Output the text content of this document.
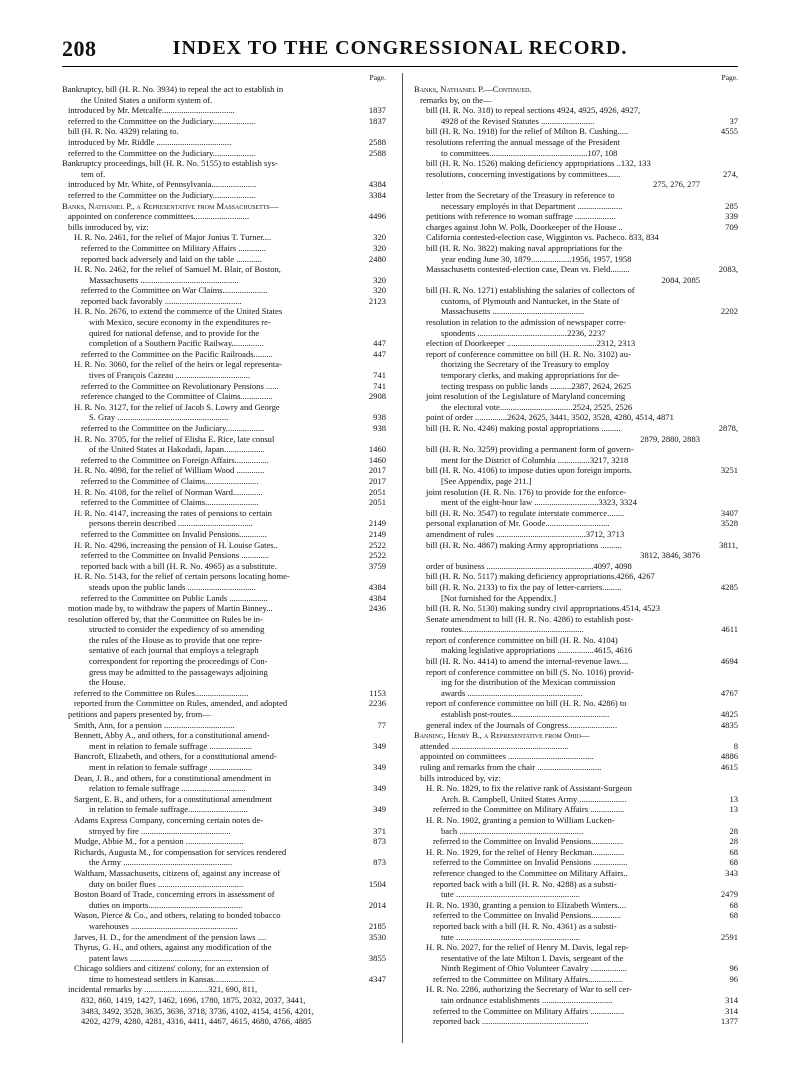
208	INDEX TO THE CONGRESSIONAL RECORD.
Page.
Bankruptcy, bill (H. R. No. 3934) to repeal the act to establish in
the United States a uniform system of.
introduced by Mr. Metcalfe..................................	1837
referred to the Committee on the Judiciary....................	1837
bill (H. R. No. 4329) relating to.
introduced by Mr. Riddle ...................................	2588
referred to the Committee on the Judiciary....................	2588
Bankruptcy proceedings, bill (H. R. No. 5155) to establish sys-
tem of.
introduced by Mr. White, of Pennsylvania.....................	4384
referred to the Committee on the Judiciary....................	3384
Banks, Nathaniel P., a Representative from Massachusetts—
appointed on conference committees..........................	4496
bills introduced by, viz:
H. R. No. 2461, for the relief of Major Junius T. Turner....	320
referred to the Committee on Military Affairs .............	320
reported back adversely and laid on the table ............	2480
H. R. No. 2462, for the relief of Samuel M. Blair, of Boston,
Massachusetts ..............................................	320
referred to the Committee on War Claims.....................	320
reported back favorably ....................................	2123
H. R. No. 2676, to extend the commerce of the United States
with Mexico, secure economy in the expenditures re-
quired for national defense, and to provide for the
completion of a Southern Pacific Railway...............	447
referred to the Committee on the Pacific Railroads.........	447
H. R. No. 3060, for the relief of the heirs or legal representa-
tives of François Cazeau ...................................	741
referred to the Committee on Revolutionary Pensions ......	741
reference changed to the Committee of Claims...............	2908
H. R. No. 3127, for the relief of Jacob S. Lowry and George
S. Gray ....................................................	938
referred to the Committee on the Judiciary..................	938
H. R. No. 3705, for the relief of Elisha E. Rice, late consul
of the United States at Hakodadi, Japan...................	1460
referred to the Committee on Foreign Affairs................	1460
H. R. No. 4098, for the relief of William Wood .............	2017
referred to the Committee of Claims.........................	2017
H. R. No. 4108, for the relief of Norman Ward..............	2051
referred to the Committee of Claims.........................	2051
H. R. No. 4147, increasing the rates of pensions to certain
persons therein described ...................................	2149
referred to the Committee on Invalid Pensions.............	2149
H. R. No. 4296, increasing the pension of H. Louise Gates..	2522
referred to the Committee on Invalid Pensions .............	2522
reported back with a bill (H. R. No. 4965) as a substitute.	3759
H. R. No. 5143, for the relief of certain persons locating home-
steads upon the public lands ................................	4384
referred to the Committee on Public Lands ..................	4384
motion made by, to withdraw the papers of Martin Binney...	2436
resolution offered by, that the Committee on Rules be in-
structed to consider the expediency of so amending
the rules of the House as to provide that one repre-
sentative of each journal that employs a telegraph
correspondent for reporting the proceedings of Con-
gress may be admitted to the passageways adjoining
the House.
referred to the Committee on Rules.........................	1153
reported from the Committee on Rules, amended, and adopted	2236
petitions and papers presented by, from—
Smith, Ann, for a pension .................................	77
Bennett, Abby A., and others, for a constitutional amend-
ment in relation to female suffrage ....................	349
Bancroft, Elizabeth, and others, for a constitutional amend-
ment in relation to female suffrage ....................	349
Dean, J. B., and others, for a constitutional amendment in
relation to female suffrage ..............................	349
Sargent, E. B., and others, for a constitutional amendment
in relation to female suffrage............................	349
Adams Express Company, concerning certain notes de-
stroyed by fire ..........................................	371
Mudge, Abbie M., for a pension ...........................	873
Richards, Augusta M., for compensation for services rendered
the Army ...................................................	873
Waltham, Massachusetts, citizens of, against any increase of
duty on boiler flues ........................................	1504
Boston Board of Trade, concerning errors in assessment of
duties on imports............................................	2014
Wason, Pierce & Co., and others, relating to bonded tobacco
warehouses ..................................................	2185
Jarves, H. D., for the amendment of the pension laws ....	3530
Thyrus, G. H., and others, against any modification of the
patent laws ................................................	3855
Chicago soldiers and citizens' colony, for an extension of
time to homestead settlers in Kansas...................	4347
incidental remarks by ..............................321, 690, 811,
832, 860, 1419, 1427, 1462, 1696, 1780, 1875, 2032, 2037, 3441,
3483, 3492, 3528, 3635, 3636, 3718, 3736, 4102, 4154, 4156, 4201,
4202, 4279, 4280, 4281, 4316, 4411, 4467, 4615, 4680, 4766, 4885
Page.
Banks, Nathaniel P.—Continued.
remarks by, on the—
bill (H. R. No. 318) to repeal sections 4924, 4925, 4926, 4927,
4928 of the Revised Statutes .........................	37
bill (H. R. No. 1918) for the relief of Milton B. Cushing.....	4555
resolutions referring the annual message of the President
to committees..............................................107, 108
bill (H. R. No. 1526) making deficiency appropriations ..132, 133
resolutions, concerning investigations by committees......	274,
275, 276, 277
letter from the Secretary of the Treasury in reference to
necessary employés in that Department .....................	285
petitions with reference to woman suffrage ...................	339
charges against John W. Polk, Doorkeeper of the House ..	709
California contested-election case, Wigginton vs. Pacheco. 833, 834
bill (H. R. No. 3822) making naval appropriations for the
year ending June 30, 1879...................1956, 1957, 1958
Massachusetts contested-election case, Dean vs. Field.........	2083,
2084, 2085
bill (H. R. No. 1271) establishing the salaries of collectors of
customs, of Plymouth and Nantucket, in the State of
Massachusetts ...........................................	2202
resolution in relation to the admission of newspaper corre-
spondents ..........................................2236, 2237
election of Doorkeeper ..........................................2312, 2313
report of conference committee on bill (H. R. No. 3102) au-
thorizing the Secretary of the Treasury to employ
temporary clerks, and making appropriations for de-
tecting trespass on public lands ..........2387, 2624, 2625
joint resolution of the Legislature of Maryland concerning
the electoral vote..................................2524, 2525, 2526
point of order ...............2624, 2625, 3441, 3502, 3528, 4280, 4514, 4871
bill (H. R. No. 4246) making postal appropriations .........	2878,
2879, 2880, 2883
bill (H. R. No. 3259) providing a permanent form of govern-
ment for the District of Columbia ...............3217, 3218
bill (H. R. No. 4106) to impose duties upon foreign imports.	3251
[See Appendix, page 211.]
joint resolution (H. R. No. 176) to provide for the enforce-
ment of the eight-hour law ..............................3323, 3324
bill (H. R. No. 3547) to regulate interstate commerce........	3407
personal explanation of Mr. Goode..............................	3528
amendment of rules ..........................................3712, 3713
bill (H. R. No. 4867) making Army appropriations ..........	3811,
3812, 3846, 3876
order of business ..................................................4097, 4098
bill (H. R. No. 5117) making deficiency appropriations.4266, 4267
bill (H. R. No. 2133) to fix the pay of letter-carriers.........	4285
[Not furnished for the Appendix.]
bill (H. R. No. 5130) making sundry civil appropriations.4514, 4523
Senate amendment to bill (H. R. No. 4286) to establish post-
routes.........................................................	4611
report of conference committee on bill (H. R. No. 4104)
making legislative appropriations .................4615, 4616
bill (H. R. No. 4414) to amend the internal-revenue laws....	4694
report of conference committee on bill (S. No. 1016) provid-
ing for the distribution of the Mexican commission
awards ......................................................	4767
report of conference committee on bill (H. R. No. 4286) to
establish post-routes..............................................	4825
general index of the Journals of Congress.......................	4835
Banning, Henry B., a Representative from Ohio—
attended .......................................................	8
appointed on committees ........................................	4886
ruling and remarks from the chair ..............................	4615
bills introduced by, viz:
H. R. No. 1829, to fix the relative rank of Assistant-Surgeon
Arch. B. Campbell, United States Army ......................	13
referred to the Committee on Military Affairs ................	13
H. R. No. 1902, granting a pension to William Lucken-
bach ..........................................................	28
referred to the Committee on Invalid Pensions...............	28
H. R. No. 1929, for the relief of Henry Beckman...............	68
referred to the Committee on Invalid Pensions ................	68
reference changed to the Committee on Military Affairs..	343
reported back with a bill (H. R. No. 4288) as a substi-
tute ..........................................................	2479
H. R. No. 1930, granting a pension to Elizabeth Winters....	68
referred to the Committee on Invalid Pensions..............	68
reported back with a bill (H. R. No. 4361) as a substi-
tute ..........................................................	2591
H. R. No. 2027, for the relief of Henry M. Davis, legal rep-
resentative of the late Milton I. Davis, sergeant of the
Ninth Regiment of Ohio Volunteer Cavalry .................	96
referred to the Committee on Military Affairs................	96
H. R. No. 2286, authorizing the Secretary of War to sell cer-
tain ordnance establishments .................................	314
referred to the Committee on Military Affairs ................	314
reported back ..................................................	1377
